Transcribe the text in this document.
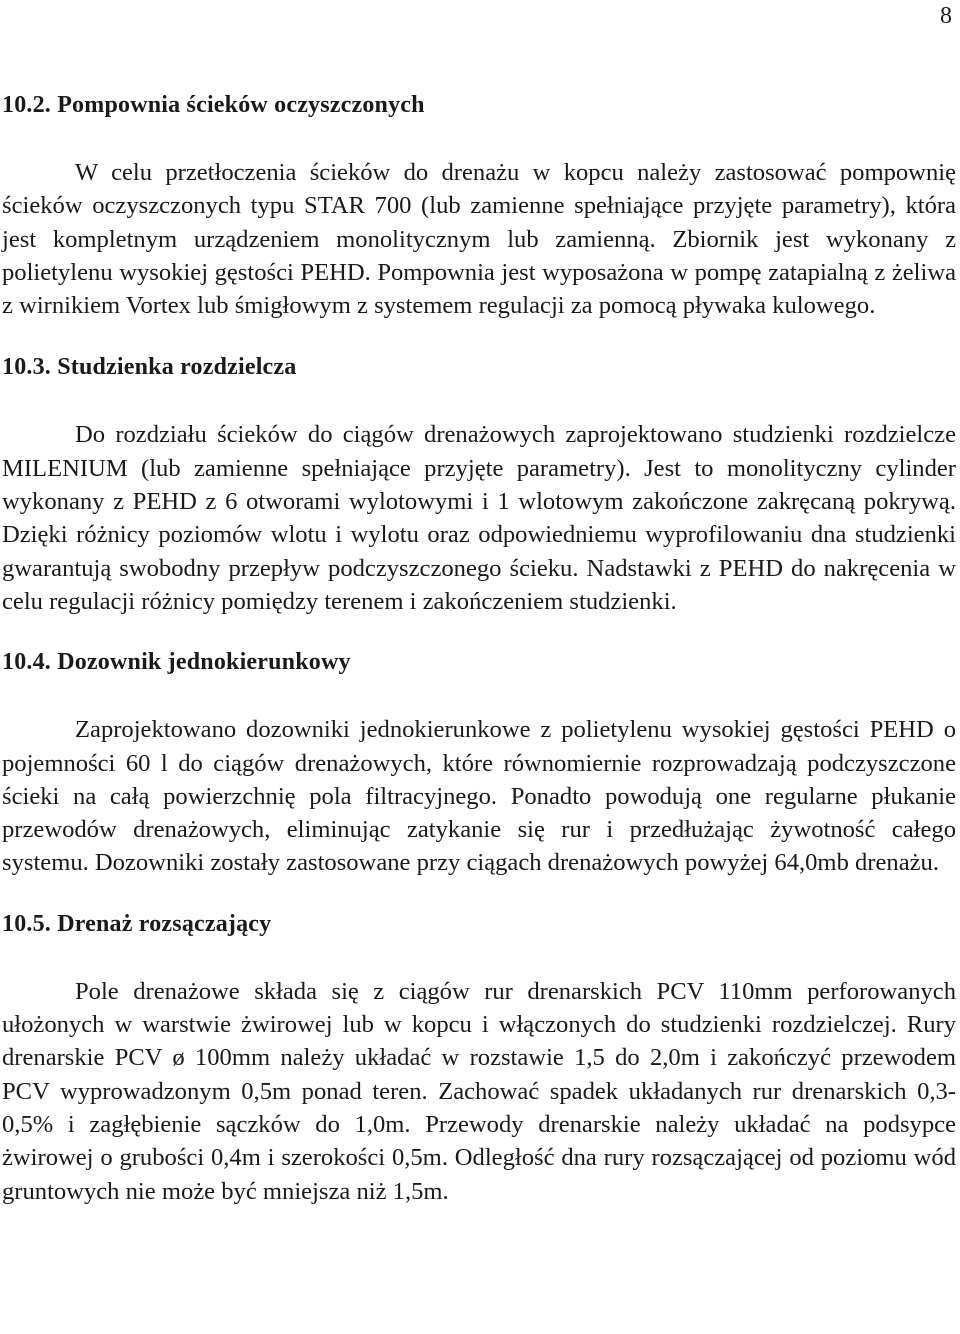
8
10.2. Pompownia ścieków oczyszczonych

W celu przetłoczenia ścieków do drenażu w kopcu należy zastosować pompownię ścieków oczyszczonych typu STAR 700 (lub zamienne spełniające przyjęte parametry), która jest kompletnym urządzeniem monolitycznym lub zamienną. Zbiornik jest wykonany z polietylenu wysokiej gęstości PEHD. Pompownia jest wyposażona w pompę zatapialną z żeliwa z wirnikiem Vortex lub śmigłowym z systemem regulacji za pomocą pływaka kulowego.

10.3. Studzienka rozdzielcza

Do rozdziału ścieków do ciągów drenażowych zaprojektowano studzienki rozdzielcze MILENIUM (lub zamienne spełniające przyjęte parametry). Jest to monolityczny cylinder wykonany z PEHD z 6 otworami wylotowymi i 1 wlotowym zakończone zakręcaną pokrywą. Dzięki różnicy poziomów wlotu i wylotu oraz odpowiedniemu wyprofilowaniu dna studzienki gwarantują swobodny przepływ podczyszczonego ścieku. Nadstawki z PEHD do nakręcenia w celu regulacji różnicy pomiędzy terenem i zakończeniem studzienki.

10.4. Dozownik jednokierunkowy

Zaprojektowano dozowniki jednokierunkowe z polietylenu wysokiej gęstości PEHD o pojemności 60 l do ciągów drenażowych, które równomiernie rozprowadzają podczyszczone ścieki na całą powierzchnię pola filtracyjnego. Ponadto powodują one regularne płukanie przewodów drenażowych, eliminując zatykanie się rur i przedłużając żywotność całego systemu. Dozowniki zostały zastosowane przy ciągach drenażowych powyżej 64,0mb drenażu.

10.5. Drenaż rozsączający

Pole drenażowe składa się z ciągów rur drenarskich PCV 110mm perforowanych ułożonych w warstwie żwirowej lub w kopcu i włączonych do studzienki rozdzielczej. Rury drenarskie PCV ø 100mm należy układać w rozstawie 1,5 do 2,0m i zakończyć przewodem PCV wyprowadzonym 0,5m ponad teren. Zachować spadek układanych rur drenarskich 0,3-0,5% i zagłębienie sączków do 1,0m. Przewody drenarskie należy układać na podsypce żwirowej o grubości 0,4m i szerokości 0,5m. Odległość dna rury rozsączającej od poziomu wód gruntowych nie może być mniejsza niż 1,5m.
